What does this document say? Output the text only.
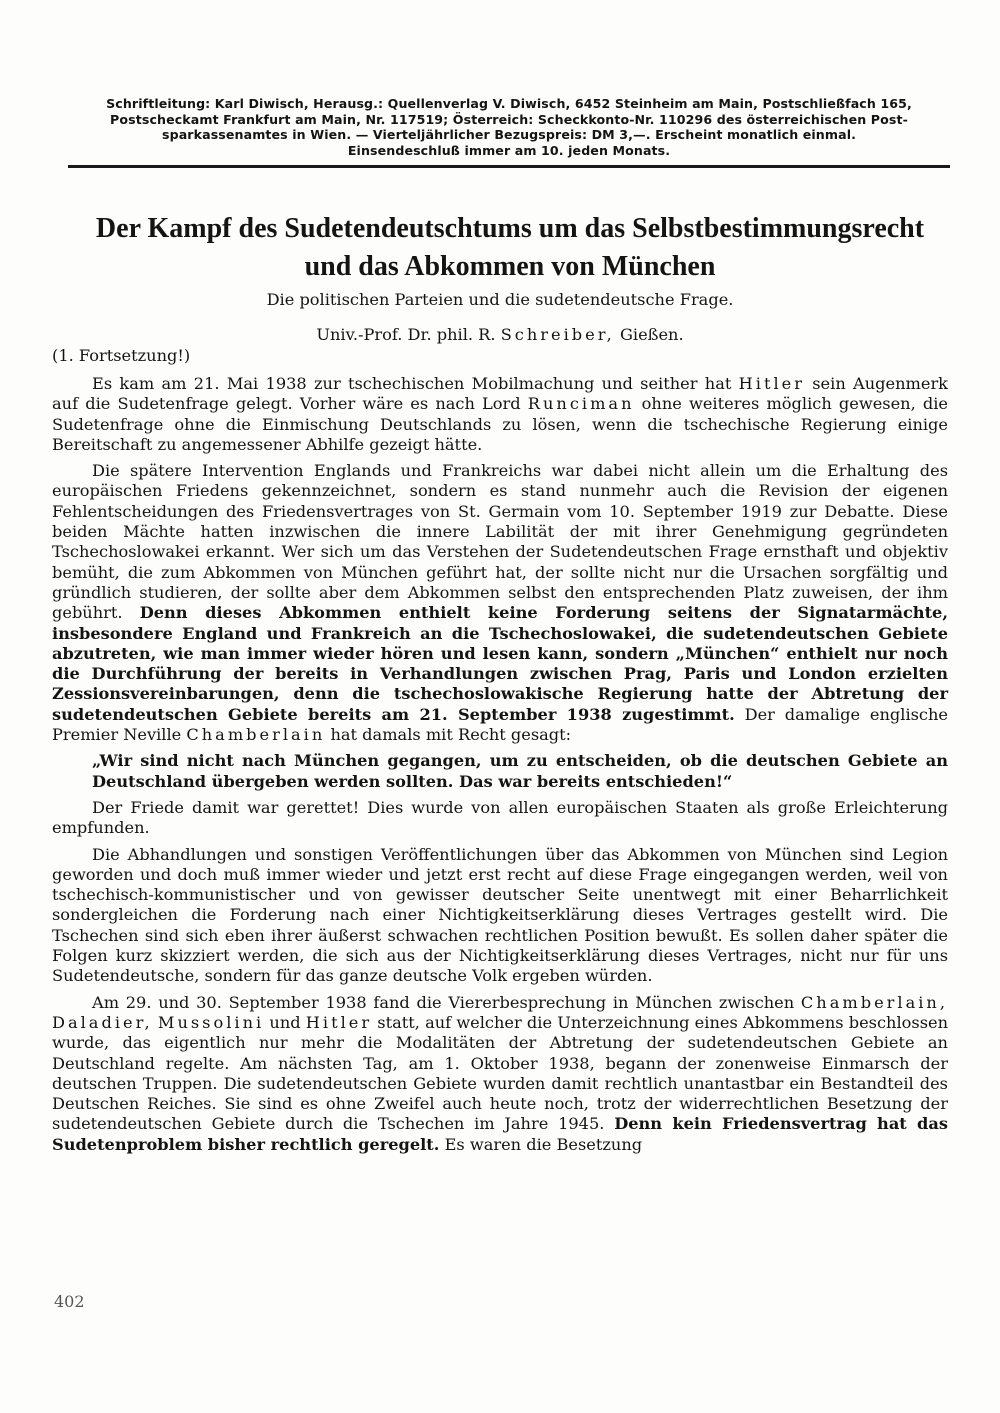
Schriftleitung: Karl Diwisch, Herausg.: Quellenverlag V. Diwisch, 6452 Steinheim am Main, Postschließfach 165,

Postscheckamt Frankfurt am Main, Nr. 117519; Österreich: Scheckkonto-Nr. 110296 des österreichischen Post-

sparkassenamtes in Wien. — Vierteljährlicher Bezugspreis: DM 3,—. Erscheint monatlich einmal.

Einsendeschluß immer am 10. jeden Monats.

Der Kampf des Sudetendeutschtums um das Selbstbestimmungsrecht
und das Abkommen von München

Die politischen Parteien und die sudetendeutsche Frage.

Univ.-Prof. Dr. phil. R. Schreiber, Gießen.

(1. Fortsetzung!)

Es kam am 21. Mai 1938 zur tschechischen Mobilmachung und seither hat Hitler sein Augenmerk auf die Sudetenfrage gelegt. Vorher wäre es nach Lord Runciman ohne weiteres möglich gewesen, die Sudetenfrage ohne die Einmischung Deutschlands zu lösen, wenn die tschechische Regierung einige Bereitschaft zu angemessener Abhilfe gezeigt hätte.

Die spätere Intervention Englands und Frankreichs war dabei nicht allein um die Erhaltung des europäischen Friedens gekennzeichnet, sondern es stand nunmehr auch die Revision der eigenen Fehlentscheidungen des Friedensvertrages von St. Germain vom 10. September 1919 zur Debatte. Diese beiden Mächte hatten inzwischen die innere Labilität der mit ihrer Genehmigung gegründeten Tschechoslowakei erkannt. Wer sich um das Verstehen der Sudetendeutschen Frage ernsthaft und objektiv bemüht, die zum Abkommen von München geführt hat, der sollte nicht nur die Ursachen sorgfältig und gründlich studieren, der sollte aber dem Abkommen selbst den entsprechenden Platz zuweisen, der ihm gebührt. Denn dieses Abkommen enthielt keine Forderung seitens der Signatarmächte, insbesondere England und Frankreich an die Tschechoslowakei, die sudetendeutschen Gebiete abzutreten, wie man immer wieder hören und lesen kann, sondern „München“ enthielt nur noch die Durchführung der bereits in Verhandlungen zwischen Prag, Paris und London erzielten Zessionsvereinbarungen, denn die tschechoslowakische Regierung hatte der Abtretung der sudetendeutschen Gebiete bereits am 21. September 1938 zugestimmt. Der damalige englische Premier Neville Chamberlain hat damals mit Recht gesagt:

„Wir sind nicht nach München gegangen, um zu entscheiden, ob die deutschen Gebiete an Deutschland übergeben werden sollten. Das war bereits entschieden!“

Der Friede damit war gerettet! Dies wurde von allen europäischen Staaten als große Erleichterung empfunden.

Die Abhandlungen und sonstigen Veröffentlichungen über das Abkommen von München sind Legion geworden und doch muß immer wieder und jetzt erst recht auf diese Frage eingegangen werden, weil von tschechisch-kommunistischer und von gewisser deutscher Seite unentwegt mit einer Beharrlichkeit sondergleichen die Forderung nach einer Nichtigkeitserklärung dieses Vertrages gestellt wird. Die Tschechen sind sich eben ihrer äußerst schwachen rechtlichen Position bewußt. Es sollen daher später die Folgen kurz skizziert werden, die sich aus der Nichtigkeitserklärung dieses Vertrages, nicht nur für uns Sudetendeutsche, sondern für das ganze deutsche Volk ergeben würden.

Am 29. und 30. September 1938 fand die Viererbesprechung in München zwischen Chamberlain, Daladier, Mussolini und Hitler statt, auf welcher die Unterzeichnung eines Abkommens beschlossen wurde, das eigentlich nur mehr die Modalitäten der Abtretung der sudetendeutschen Gebiete an Deutschland regelte. Am nächsten Tag, am 1. Oktober 1938, begann der zonenweise Einmarsch der deutschen Truppen. Die sudetendeutschen Gebiete wurden damit rechtlich unantastbar ein Bestandteil des Deutschen Reiches. Sie sind es ohne Zweifel auch heute noch, trotz der widerrechtlichen Besetzung der sudetendeutschen Gebiete durch die Tschechen im Jahre 1945. Denn kein Friedensvertrag hat das Sudetenproblem bisher rechtlich geregelt. Es waren die Besetzung

402
